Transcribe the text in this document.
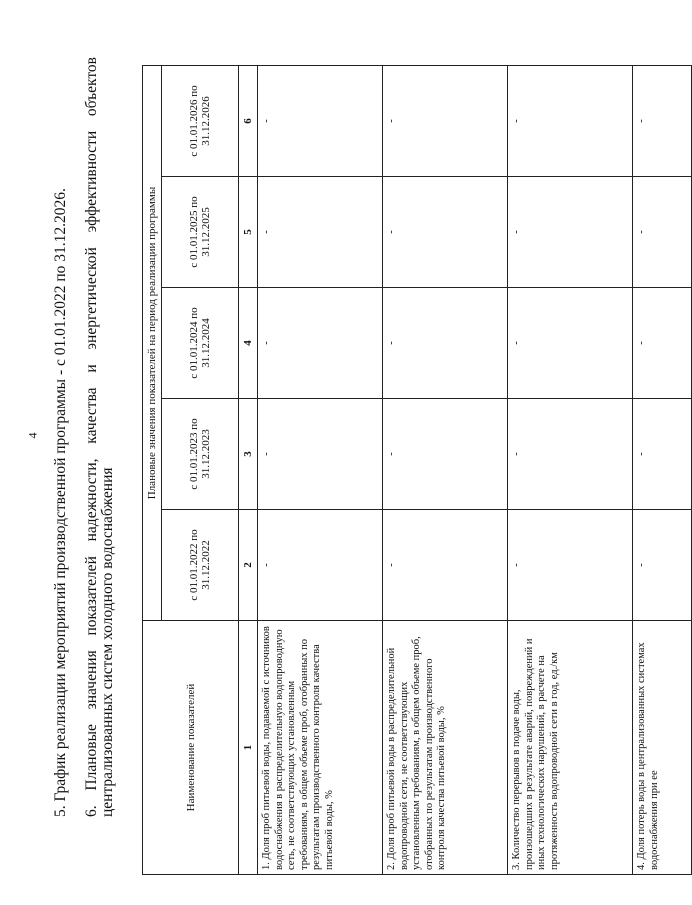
4 5. График реализации мероприятий производственной программы - с 01.01.2022 по 31.12.2026. 6. Плановые значения показателей надежности, качества и энергетической эффективности объектов централизованных систем холодного водоснабжения	Наименование показателей	Плановые значения показателей на период реализации программы				
	с 01.01.2022 по 31.12.2022	с 01.01.2023 по 31.12.2023	с 01.01.2024 по 31.12.2024	с 01.01.2025 по 31.12.2025	с 01.01.2026 по 31.12.2026
1	2	3	4	5	6
1. Доля проб питьевой воды, подаваемой с источников водоснабжения в распределительную водопроводную сеть, не соответствующих установленным требованиям, в общем объеме проб, отобранных по результатам производственного контроля качества питьевой воды, %	-	-	-	-	-
2. Доля проб питьевой воды в распределительной водопроводной сети, не соответствующих установленным требованиям, в общем объеме проб, отобранных по результатам производственного контроля качества питьевой воды, %	-	-	-	-	-
3. Количество перерывов в подаче воды, произошедших в результате аварий, повреждений и иных технологических нарушений, в расчете на протяженность водопроводной сети в год, ед./км	-	-	-	-	-
4. Доля потерь воды в централизованных системах водоснабжения при ее	-	-	-	-	-
